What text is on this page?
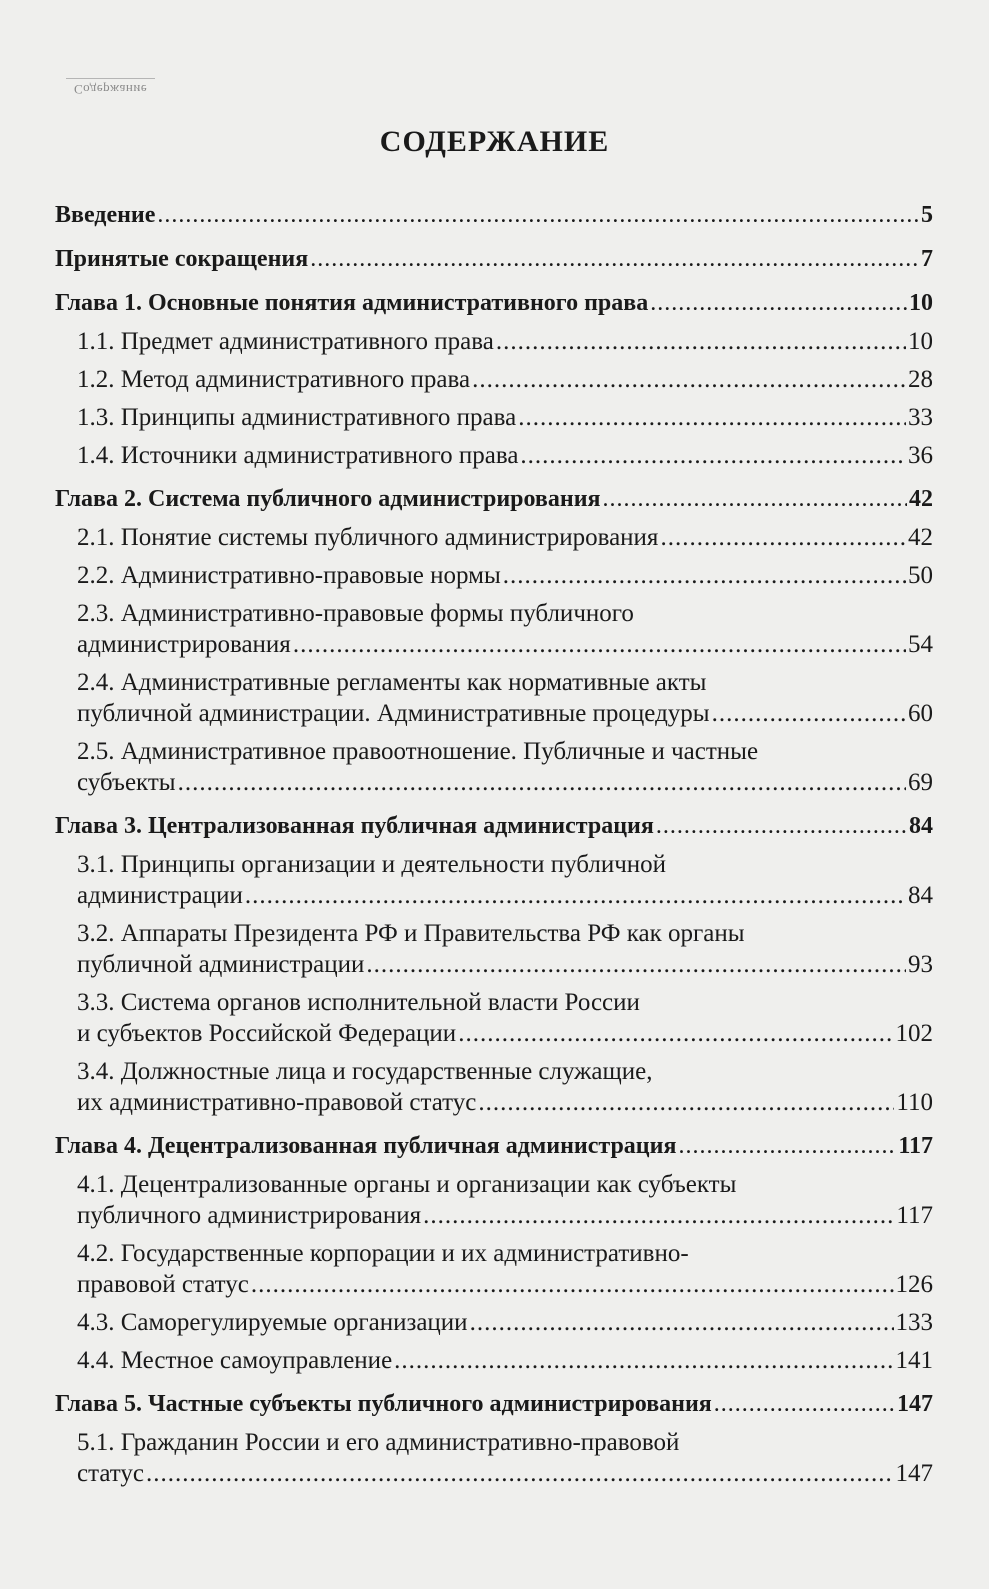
Содержание
СОДЕРЖАНИЕ
Введение .....	5
Принятые сокращения .....	7
Глава 1. Основные понятия административного права .....	10
1.1. Предмет административного права .....	10
1.2. Метод административного права .....	28
1.3. Принципы административного права .....	33
1.4. Источники административного права .....	36
Глава 2. Система публичного администрирования .....	42
2.1. Понятие системы публичного администрирования .....	42
2.2. Административно-правовые нормы .....	50
2.3. Административно-правовые формы публичного
администрирования .....	54
2.4. Административные регламенты как нормативные акты
публичной администрации. Административные процедуры .....	60
2.5. Административное правоотношение. Публичные и частные
субъекты .....	69
Глава 3. Централизованная публичная администрация .....	84
3.1. Принципы организации и деятельности публичной
администрации .....	84
3.2. Аппараты Президента РФ и Правительства РФ как органы
публичной администрации .....	93
3.3. Система органов исполнительной власти России
и субъектов Российской Федерации .....	102
3.4. Должностные лица и государственные служащие,
их административно-правовой статус .....	110
Глава 4. Децентрализованная публичная администрация .....	117
4.1. Децентрализованные органы и организации как субъекты
публичного администрирования .....	117
4.2. Государственные корпорации и их административно-
правовой статус .....	126
4.3. Саморегулируемые организации .....	133
4.4. Местное самоуправление .....	141
Глава 5. Частные субъекты публичного администрирования .....	147
5.1. Гражданин России и его административно-правовой
статус .....	147
